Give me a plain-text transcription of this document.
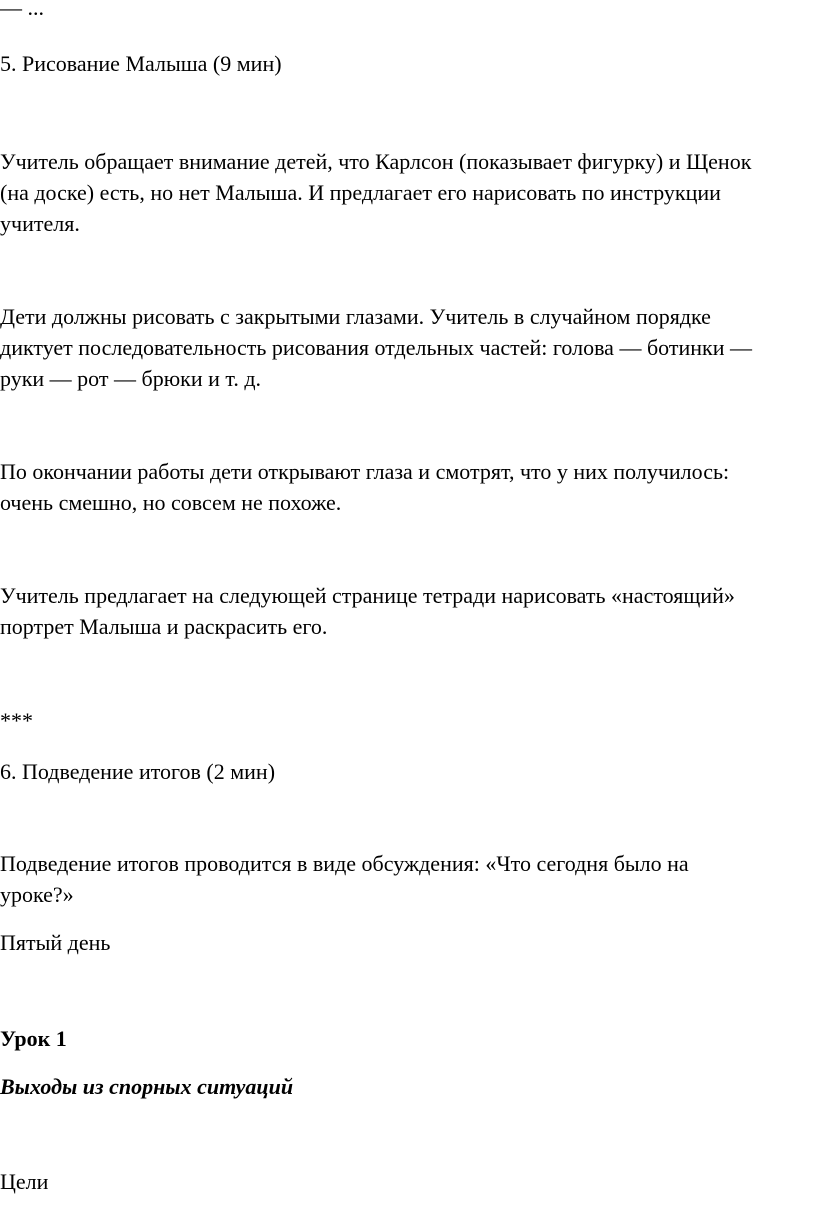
— ...

5. Рисование Малыша (9 мин)

Учитель обращает внимание детей, что Карлсон (показывает фигурку) и Щенок

(на доске) есть, но нет Малыша. И предлагает его нарисовать по инструкции

учителя.

Дети должны рисовать с закрытыми глазами. Учитель в случайном порядке

диктует последовательность рисования отдельных частей: голова — ботинки —

руки — рот — брюки и т. д.

По окончании работы дети открывают глаза и смотрят, что у них получилось:

очень смешно, но совсем не похоже.

Учитель предлагает на следующей странице тетради нарисовать «настоящий»

портрет Малыша и раскрасить его.

***

6. Подведение итогов (2 мин)

Подведение итогов проводится в виде обсуждения: «Что сегодня было на

уроке?»

Пятый день

Урок 1

Выходы из спорных ситуаций

Цели
